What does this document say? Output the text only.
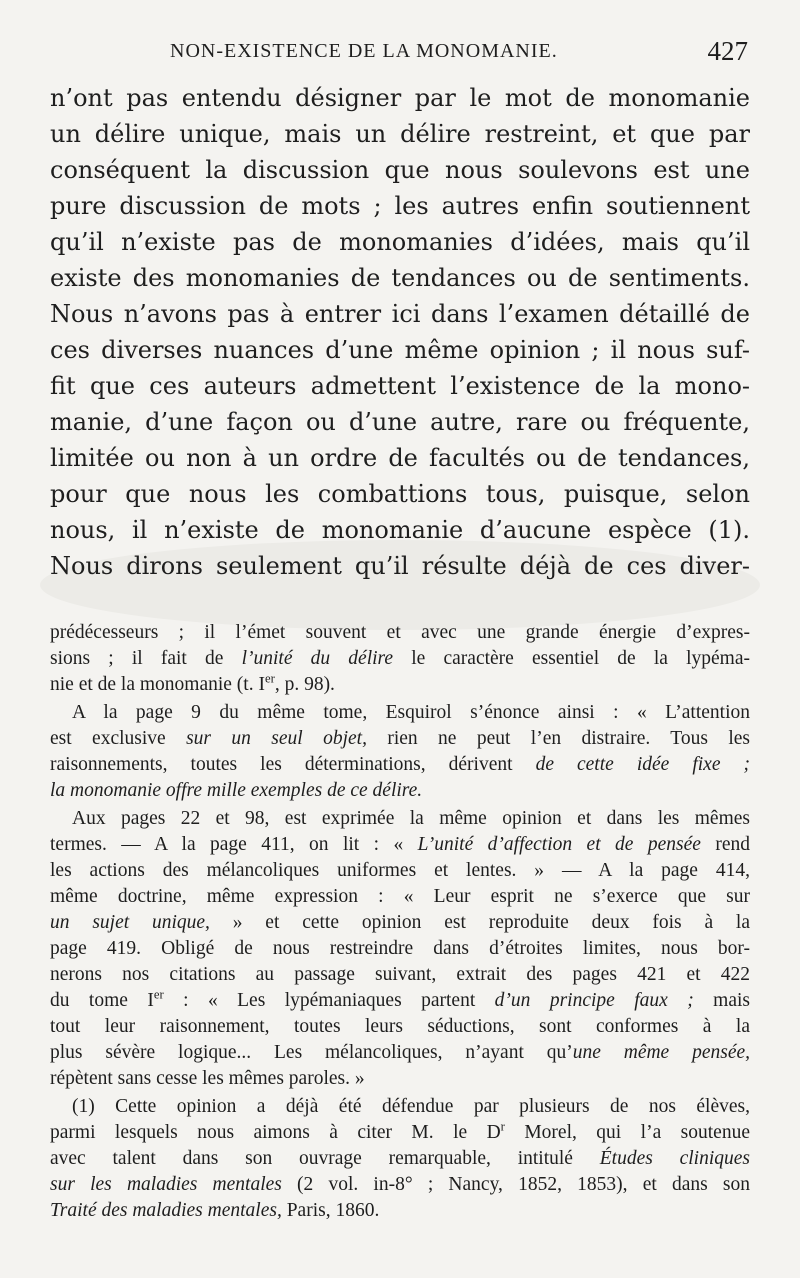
NON-EXISTENCE DE LA MONOMANIE.	427
n’ont pas entendu désigner par le mot de monomanie
un délire unique, mais un délire restreint, et que par
conséquent la discussion que nous soulevons est une
pure discussion de mots ; les autres enfin soutiennent
qu’il n’existe pas de monomanies d’idées, mais qu’il
existe des monomanies de tendances ou de sentiments.
Nous n’avons pas à entrer ici dans l’examen détaillé de
ces diverses nuances d’une même opinion ; il nous suf-
fit que ces auteurs admettent l’existence de la mono-
manie, d’une façon ou d’une autre, rare ou fréquente,
limitée ou non à un ordre de facultés ou de tendances,
pour que nous les combattions tous, puisque, selon
nous, il n’existe de monomanie d’aucune espèce (1).
Nous dirons seulement qu’il résulte déjà de ces diver-
prédécesseurs ; il l’émet souvent et avec une grande énergie d’expres-
sions ; il fait de l’unité du délire le caractère essentiel de la lypéma-
nie et de la monomanie (t. Ier, p. 98).
A la page 9 du même tome, Esquirol s’énonce ainsi : « L’attention
est exclusive sur un seul objet, rien ne peut l’en distraire. Tous les
raisonnements, toutes les déterminations, dérivent de cette idée fixe ;
la monomanie offre mille exemples de ce délire.
Aux pages 22 et 98, est exprimée la même opinion et dans les mêmes
termes. — A la page 411, on lit : « L’unité d’affection et de pensée rend
les actions des mélancoliques uniformes et lentes. » — A la page 414,
même doctrine, même expression : « Leur esprit ne s’exerce que sur
un sujet unique, » et cette opinion est reproduite deux fois à la
page 419. Obligé de nous restreindre dans d’étroites limites, nous bor-
nerons nos citations au passage suivant, extrait des pages 421 et 422
du tome Ier : « Les lypémaniaques partent d’un principe faux ; mais
tout leur raisonnement, toutes leurs séductions, sont conformes à la
plus sévère logique... Les mélancoliques, n’ayant qu’une même pensée,
répètent sans cesse les mêmes paroles. »
(1) Cette opinion a déjà été défendue par plusieurs de nos élèves,
parmi lesquels nous aimons à citer M. le $D^r$ Morel, qui l’a soutenue
avec talent dans son ouvrage remarquable, intitulé Études cliniques
sur les maladies mentales (2 vol. in-8° ; Nancy, 1852, 1853), et dans son
Traité des maladies mentales, Paris, 1860.
